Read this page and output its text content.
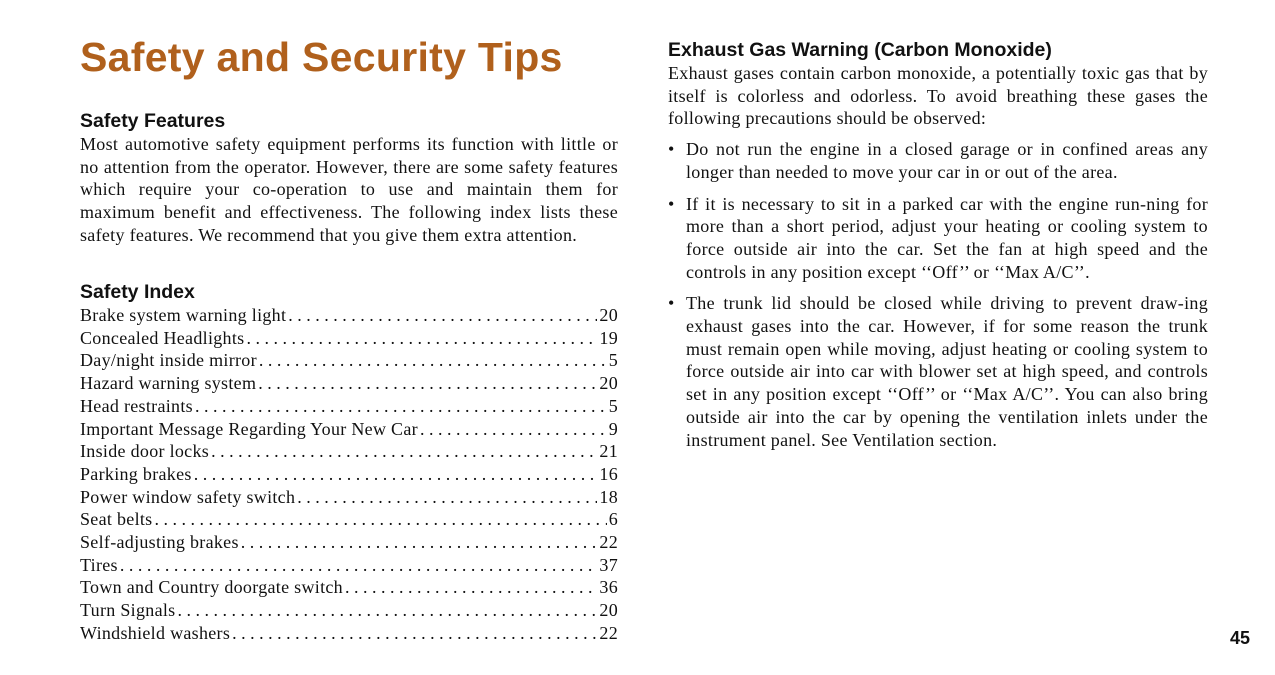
Safety and Security Tips
Safety Features

Most automotive safety equipment performs its function with little or no attention from the operator. However, there are some safety features which require your co-operation to use and maintain them for maximum benefit and effectiveness. The following index lists these safety features. We recommend that you give them extra attention.

Safety Index
Brake system warning light . . .	20
Concealed Headlights . . .	19
Day/night inside mirror . . .	5
Hazard warning system . . .	20
Head restraints . . .	5
Important Message Regarding Your New Car . . .	9
Inside door locks . . .	21
Parking brakes . . .	16
Power window safety switch . . .	18
Seat belts . . .	6
Self-adjusting brakes . . .	22
Tires . . .	37
Town and Country doorgate switch . . .	36
Turn Signals . . .	20
Windshield washers . . .	22
Exhaust Gas Warning (Carbon Monoxide)

Exhaust gases contain carbon monoxide, a potentially toxic gas that by itself is colorless and odorless. To avoid breathing these gases the following precautions should be observed:

• Do not run the engine in a closed garage or in confined areas any longer than needed to move your car in or out of the area.
• If it is necessary to sit in a parked car with the engine run-ning for more than a short period, adjust your heating or cooling system to force outside air into the car. Set the fan at high speed and the controls in any position except ‘‘Off’’ or ‘‘Max A/C’’.
• The trunk lid should be closed while driving to prevent draw-ing exhaust gases into the car. However, if for some reason the trunk must remain open while moving, adjust heating or cooling system to force outside air into car with blower set at high speed, and controls set in any position except ‘‘Off’’ or ‘‘Max A/C’’. You can also bring outside air into the car by opening the ventilation inlets under the instrument panel. See Ventilation section.
45
